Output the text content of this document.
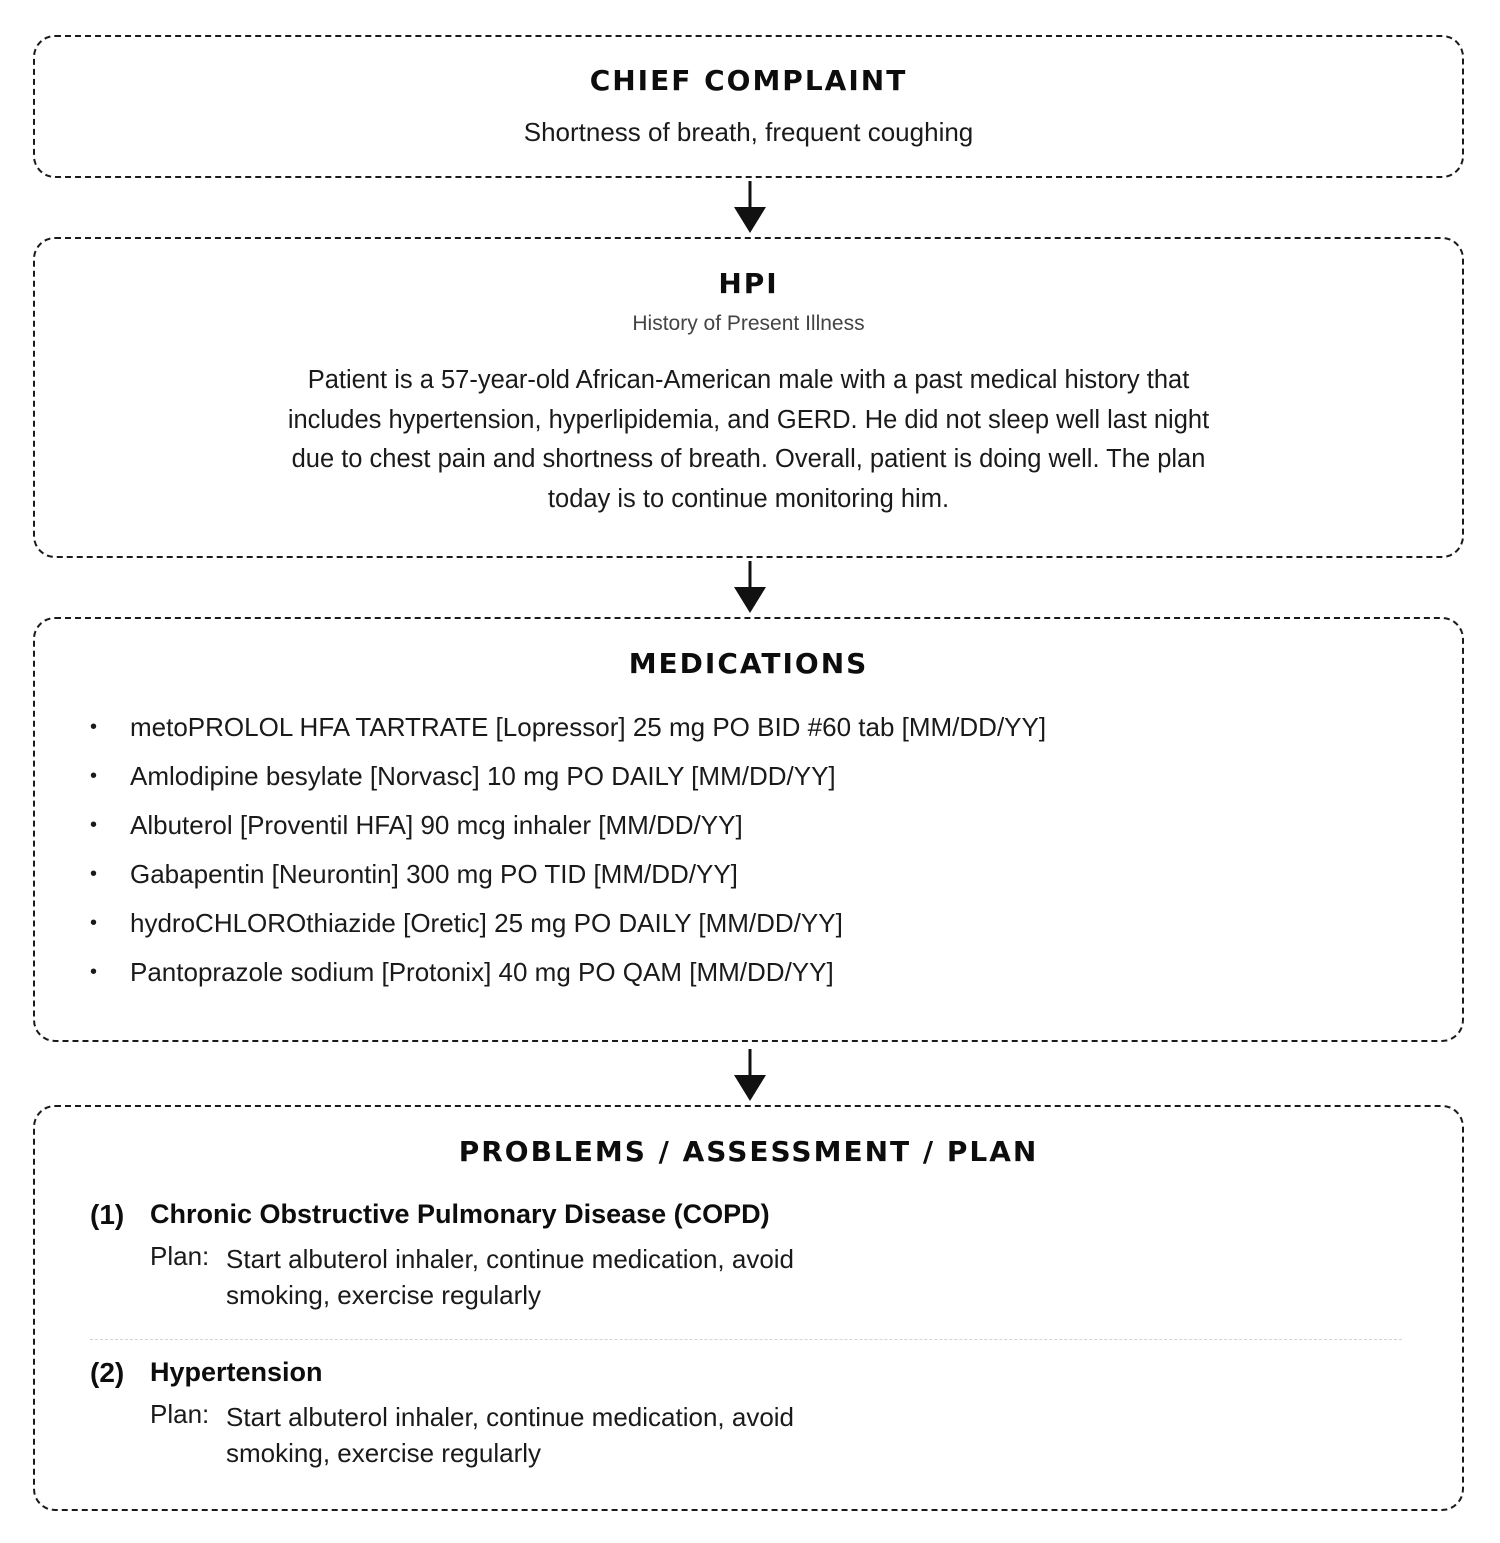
CHIEF COMPLAINT
Shortness of breath, frequent coughing
HPI
History of Present Illness
Patient is a 57-year-old African-American male with a past medical history that includes hypertension, hyperlipidemia, and GERD. He did not sleep well last night due to chest pain and shortness of breath. Overall, patient is doing well. The plan today is to continue monitoring him.
MEDICATIONS
• metoPROLOL HFA TARTRATE [Lopressor] 25 mg PO BID #60 tab [MM/DD/YY]
• Amlodipine besylate [Norvasc] 10 mg PO DAILY [MM/DD/YY]
• Albuterol [Proventil HFA] 90 mcg inhaler [MM/DD/YY]
• Gabapentin [Neurontin] 300 mg PO TID [MM/DD/YY]
• hydroCHLOROthiazide [Oretic] 25 mg PO DAILY [MM/DD/YY]
• Pantoprazole sodium [Protonix] 40 mg PO QAM [MM/DD/YY]
PROBLEMS / ASSESSMENT / PLAN
(1) Chronic Obstructive Pulmonary Disease (COPD)
Plan: Start albuterol inhaler, continue medication, avoid smoking, exercise regularly
(2) Hypertension
Plan: Start albuterol inhaler, continue medication, avoid smoking, exercise regularly
